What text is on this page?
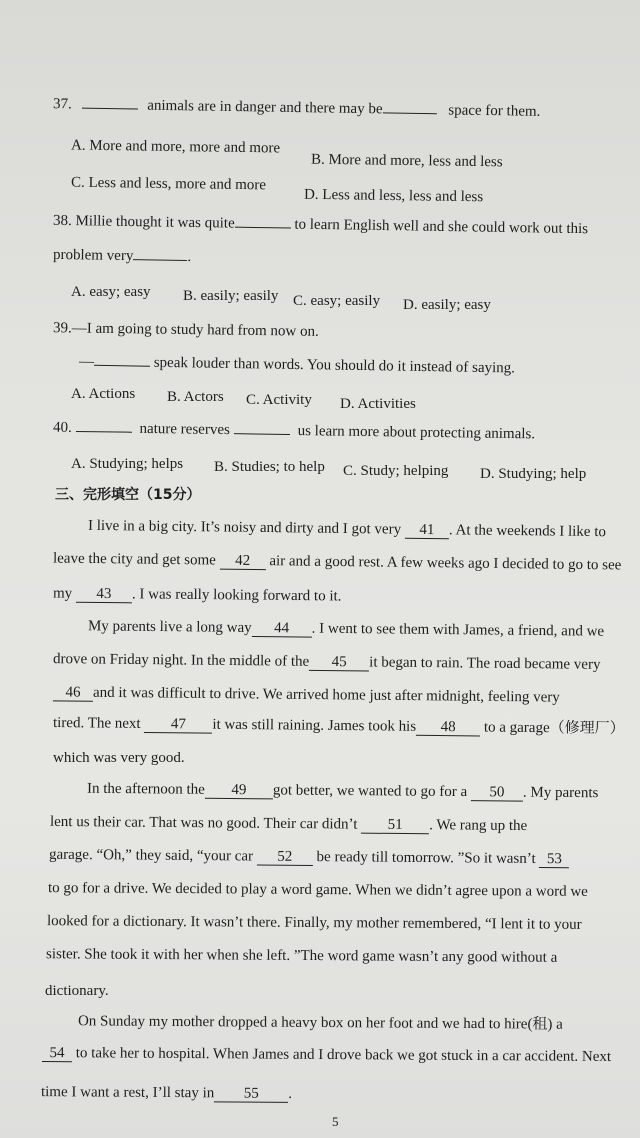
37.	animals are in danger and there may be	space for them.
A. More and more, more and more
B. More and more, less and less
C. Less and less, more and more
D. Less and less, less and less
38. Millie thought it was quite	to learn English well and she could work out this
problem very	.
A. easy; easy B. easily; easily C. easy; easily D. easily; easy
39.—I am going to study hard from now on.
—	speak louder than words. You should do it instead of saying.
A. Actions B. Actors C. Activity D. Activities
40.	nature reserves	us learn more about protecting animals.
A. Studying; helps B. Studies; to help C. Study; helping D. Studying; help
三、完形填空（15分）
I live in a big city. It’s noisy and dirty and I got very 41 . At the weekends I like to
leave the city and get some 42 air and a good rest. A few weeks ago I decided to go to see
my 43 . I was really looking forward to it.
My parents live a long way 44 . I went to see them with James, a friend, and we
drove on Friday night. In the middle of the 45 it began to rain. The road became very
46 and it was difficult to drive. We arrived home just after midnight, feeling very
tired. The next 47 it was still raining. James took his 48 to a garage（修理厂）
which was very good.
In the afternoon the 49 got better, we wanted to go for a 50 . My parents
lent us their car. That was no good. Their car didn’t 51 . We rang up the
garage. “Oh,” they said, “your car 52 be ready till tomorrow. ”So it wasn’t 53
to go for a drive. We decided to play a word game. When we didn’t agree upon a word we
looked for a dictionary. It wasn’t there. Finally, my mother remembered, “I lent it to your
sister. She took it with her when she left. ”The word game wasn’t any good without a
dictionary.
On Sunday my mother dropped a heavy box on her foot and we had to hire(租) a
54 to take her to hospital. When James and I drove back we got stuck in a car accident. Next
time I want a rest, I’ll stay in 55 .
5
